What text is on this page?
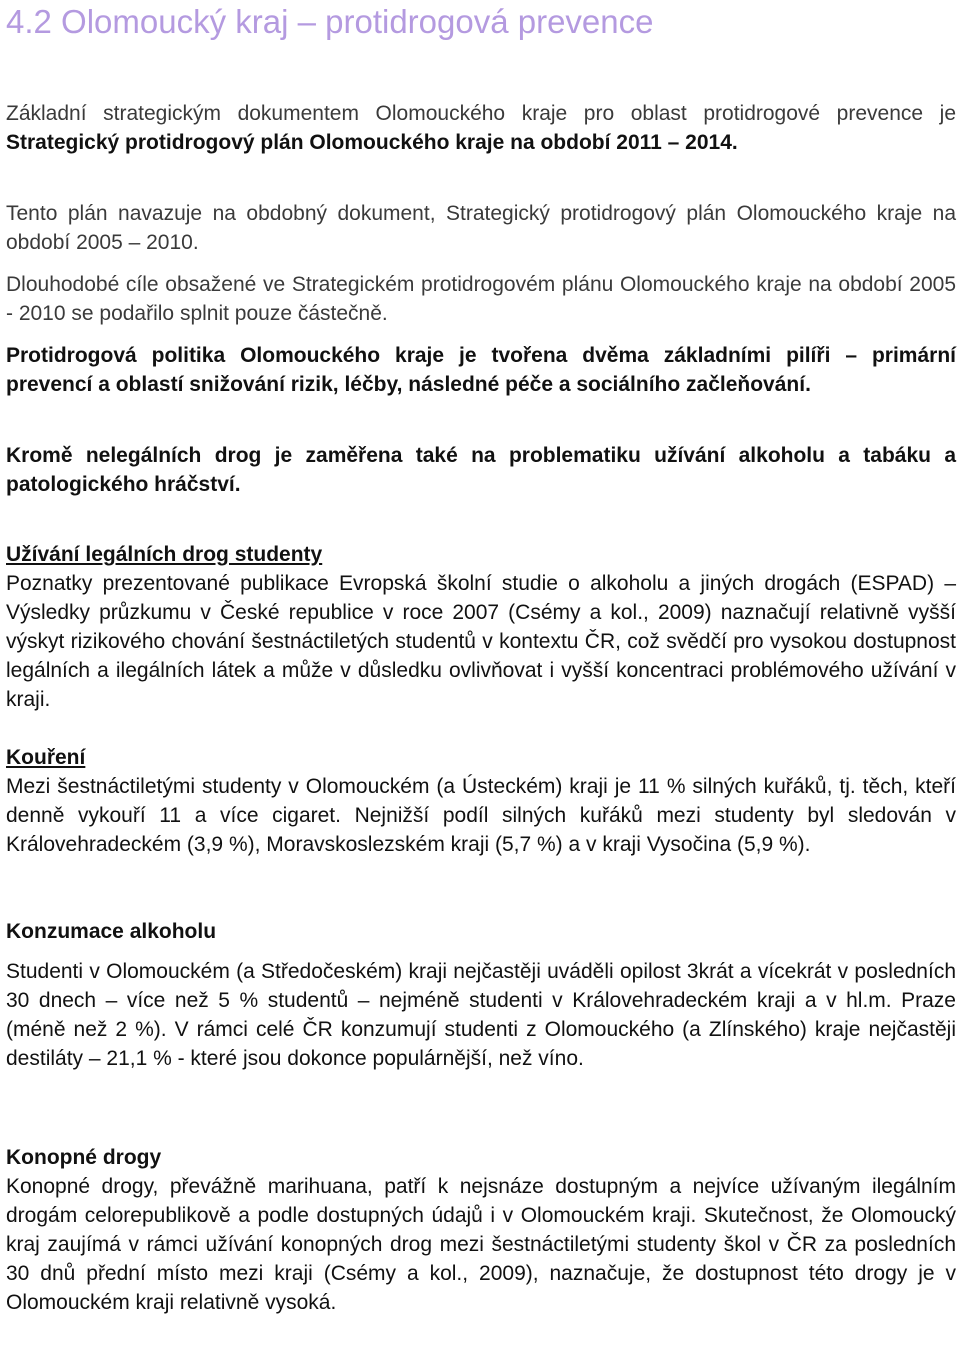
4.2 Olomoucký kraj – protidrogová prevence

Základní strategickým dokumentem Olomouckého kraje pro oblast protidrogové prevence je Strategický protidrogový plán Olomouckého kraje na období 2011 – 2014.

Tento plán navazuje na obdobný dokument, Strategický protidrogový plán Olomouckého kraje na období 2005 – 2010.

Dlouhodobé cíle obsažené ve Strategickém protidrogovém plánu Olomouckého kraje na období 2005 - 2010 se podařilo splnit pouze částečně.

Protidrogová politika Olomouckého kraje je tvořena dvěma základními pilíři – primární prevencí a oblastí snižování rizik, léčby, následné péče a sociálního začleňování.

Kromě nelegálních drog je zaměřena také na problematiku užívání alkoholu a tabáku a patologického hráčství.

Užívání legálních drog studenty
Poznatky prezentované publikace Evropská školní studie o alkoholu a jiných drogách (ESPAD) – Výsledky průzkumu v České republice v roce 2007 (Csémy a kol., 2009) naznačují relativně vyšší výskyt rizikového chování šestnáctiletých studentů v kontextu ČR, což svědčí pro vysokou dostupnost legálních a ilegálních látek a může v důsledku ovlivňovat i vyšší koncentraci problémového užívání v kraji.
Kouření
Mezi šestnáctiletými studenty v Olomouckém (a Ústeckém) kraji je 11 % silných kuřáků, tj. těch, kteří denně vykouří 11 a více cigaret. Nejnižší podíl silných kuřáků mezi studenty byl sledován v Královehradeckém (3,9 %), Moravskoslezském kraji (5,7 %) a v kraji Vysočina (5,9 %).
Konzumace alkoholu
Studenti v Olomouckém (a Středočeském) kraji nejčastěji uváděli opilost 3krát a vícekrát v posledních 30 dnech – více než 5 % studentů – nejméně studenti v Královehradeckém kraji a v hl.m. Praze (méně než 2 %). V rámci celé ČR konzumují studenti z Olomouckého (a Zlínského) kraje nejčastěji destiláty – 21,1 % - které jsou dokonce populárnější, než víno.
Konopné drogy
Konopné drogy, převážně marihuana, patří k nejsnáze dostupným a nejvíce užívaným ilegálním drogám celorepublikově a podle dostupných údajů i v Olomouckém kraji. Skutečnost, že Olomoucký kraj zaujímá v rámci užívání konopných drog mezi šestnáctiletými studenty škol v ČR za posledních 30 dnů přední místo mezi kraji (Csémy a kol., 2009), naznačuje, že dostupnost této drogy je v Olomouckém kraji relativně vysoká.
